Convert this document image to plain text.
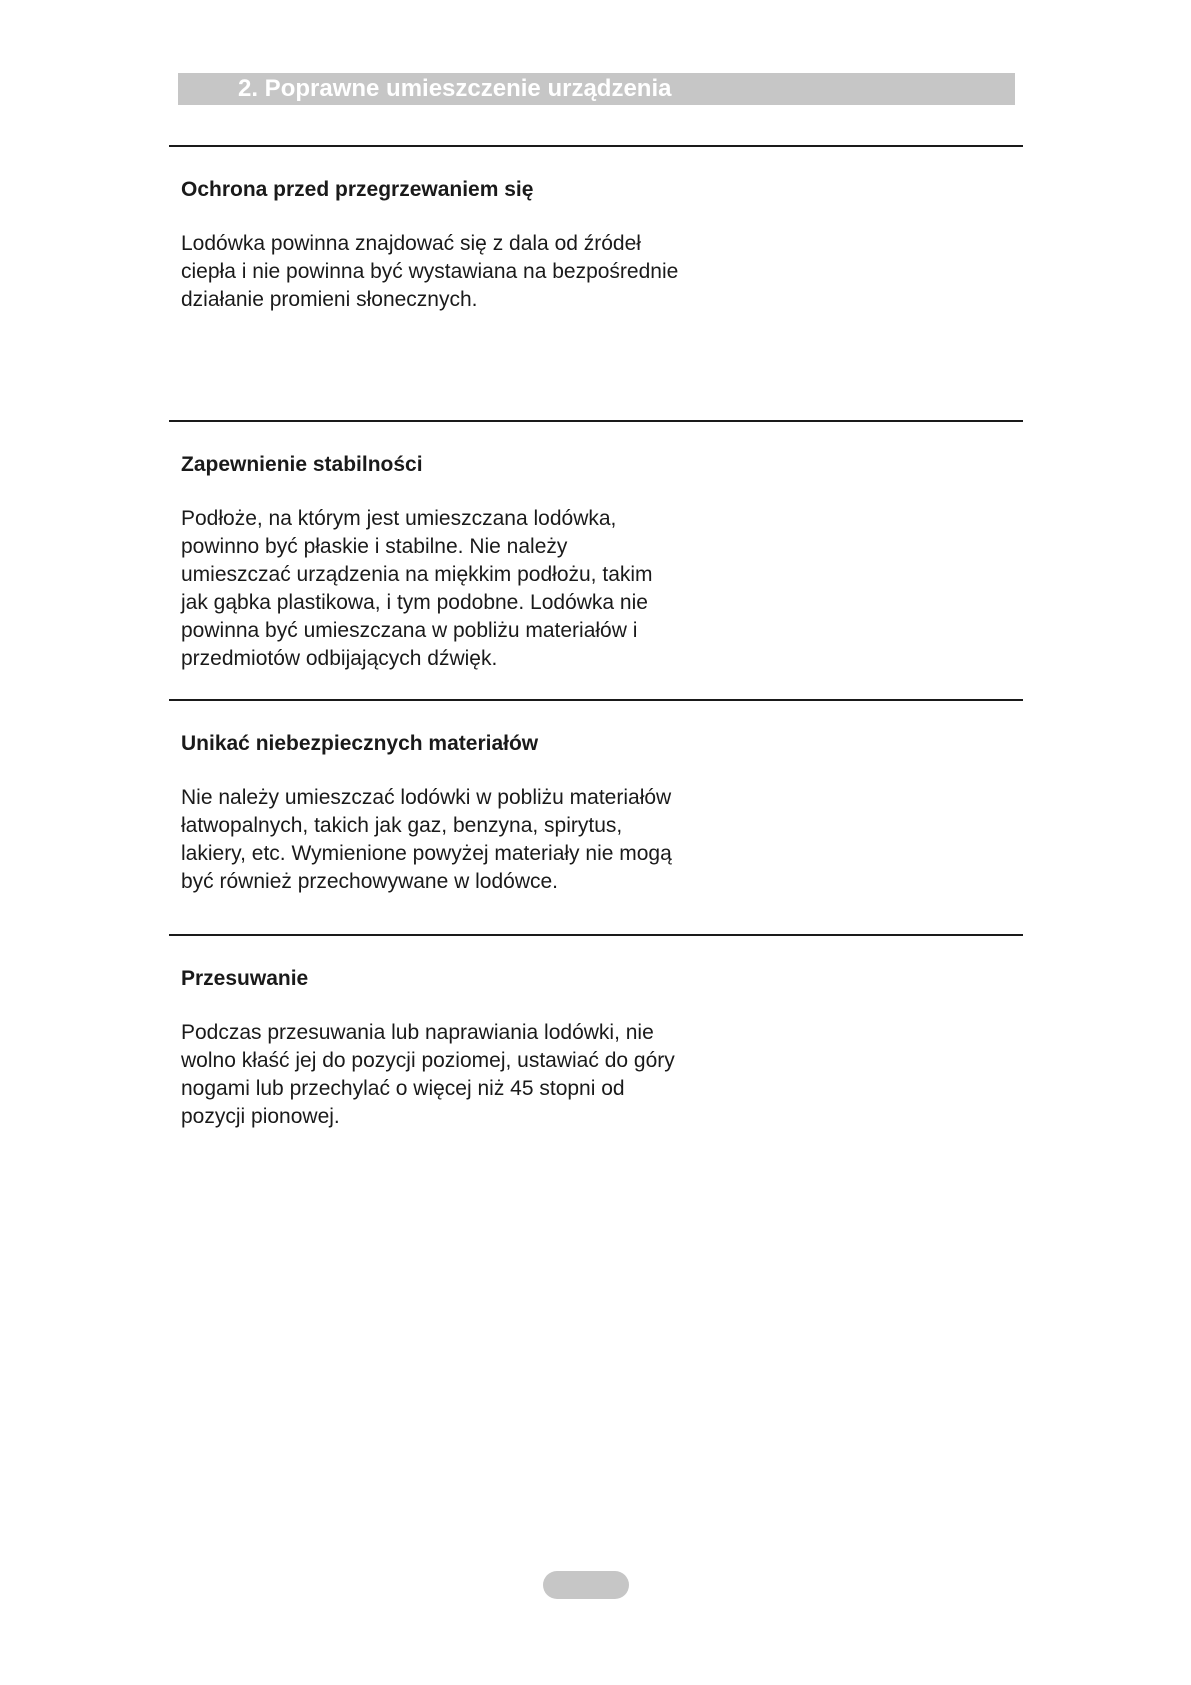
2. Poprawne umieszczenie urządzenia
Ochrona przed przegrzewaniem się
Lodówka powinna znajdować się z dala od źródeł
ciepła i nie powinna być wystawiana na bezpośrednie
działanie promieni słonecznych.
Zapewnienie stabilności
Podłoże, na którym jest umieszczana lodówka,
powinno być płaskie i stabilne. Nie należy
umieszczać urządzenia na miękkim podłożu, takim
jak gąbka plastikowa, i tym podobne. Lodówka nie
powinna być umieszczana w pobliżu materiałów i
przedmiotów odbijających dźwięk.
Unikać niebezpiecznych materiałów
Nie należy umieszczać lodówki w pobliżu materiałów
łatwopalnych, takich jak gaz, benzyna, spirytus,
lakiery, etc. Wymienione powyżej materiały nie mogą
być również przechowywane w lodówce.
Przesuwanie
Podczas przesuwania lub naprawiania lodówki, nie
wolno kłaść jej do pozycji poziomej, ustawiać do góry
nogami lub przechylać o więcej niż 45 stopni od
pozycji pionowej.
